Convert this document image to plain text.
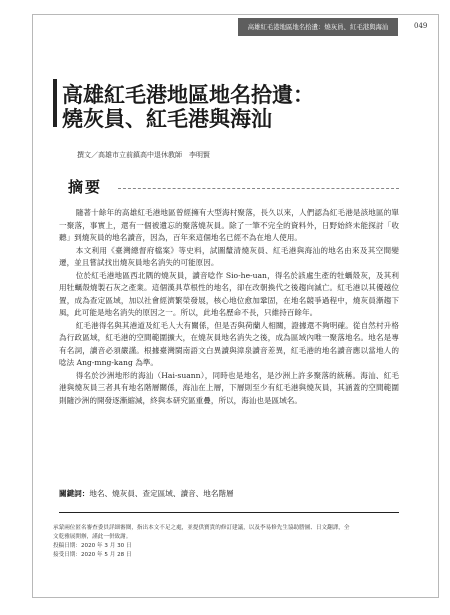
高雄紅毛港地區地名拾遺：燒灰員、紅毛港與海汕	049
高雄紅毛港地區地名拾遺：
燒灰員、紅毛港與海汕
撰文／高雄市立前鎮高中退休教師　李明賢
摘要

隨著十餘年的高雄紅毛港地區曾經擁有大型海村聚落，長久以來，人們認為紅毛港是該地區的單一聚落，事實上，還有一個被遺忘的聚落燒灰員。除了一筆不完全的資料外，日野始終未能探討「收聽」到燒灰員的地名讀音，因為，百年來這個地名已經不為在地人使用。

本文利用《臺灣總督府檔案》等史料，試圖釐清燒灰員、紅毛港與海汕的地名由來及其空間變遷，並且嘗試找出燒灰員地名消失的可能原因。

位於紅毛港地區西北隅的燒灰員，讀音唸作 Sio-he-uan，得名於該處生產的牡蠣殼灰，及其利用牡蠣殼燒製石灰之產業。這個漢具草根性的地名，卻在改朝換代之後趨向滅亡。紅毛港以其優越位置，成為查定區域，加以社會經濟繁榮發展，核心地位愈加鞏固，在地名競爭過程中，燒灰員漸趨下風，此可能是地名消失的原因之一。所以，此地名歷命不長，只維持百餘年。

紅毛港得名與其港道及紅毛人大有關係，但是否與荷蘭人相關，證據還不夠明確。從自然村升格為行政區域，紅毛港的空間範圍擴大，在燒灰員地名消失之後，成為區域內唯一聚落地名。地名是專有名詞，讀音必須嚴謹。根據臺灣閩南語文白異讀與漳泉讀音差異，紅毛港的地名讀音應以當地人的唸法 Ang-mng-kang 為準。

得名於沙洲地形的海汕（Hai-suann），同時也是地名，是沙洲上許多聚落的統稱。海汕、紅毛港與燒灰員三者具有地名階層關係，海汕在上層，下層則至少有紅毛港與燒灰員，其涵蓋的空間範圍則隨沙洲的開發逐漸縮減，終與本研究區重疊，所以，海汕也是區域名。

關鍵詞：地名、燒灰員、查定區域、讀音、地名階層
承蒙兩位匿名審查委員詳細審閱，指出本文不足之處，並提供寶貴的修訂建議，以及李易修先生協助謄圖、日文翻譯，全
文乾雅展開辦，謹此一併致謝。
投稿日期：2020 年 3 月 30 日
接受日期：2020 年 5 月 28 日
